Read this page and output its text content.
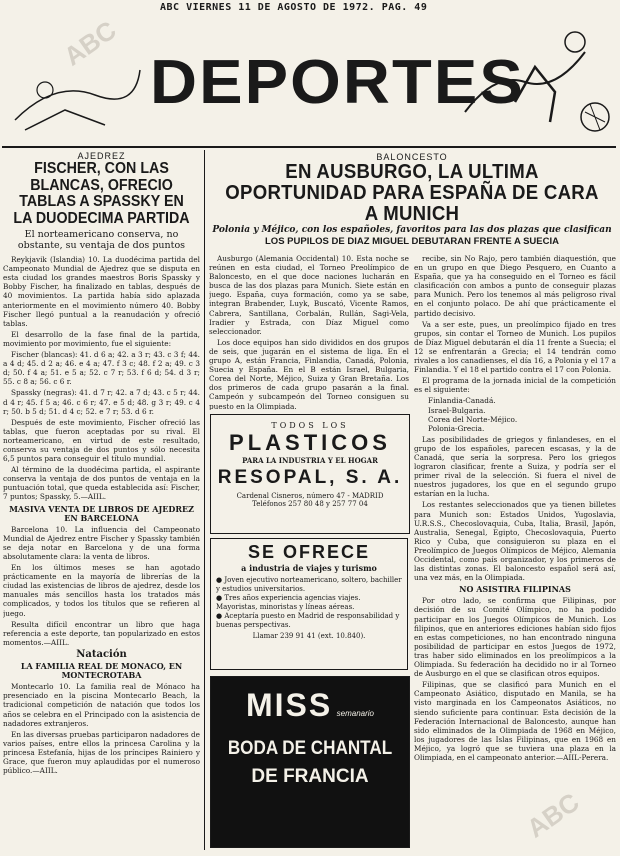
ABC VIERNES 11 DE AGOSTO DE 1972. PAG. 49
DEPORTES
ABC
ABC
AJEDREZ
FISCHER, CON LAS BLANCAS, OFRECIO TABLAS A SPASSKY EN LA DUODECIMA PARTIDA
El norteamericano conserva, no obstante, su ventaja de dos puntos

Reykjavik (Islandia) 10. La duodécima partida del Campeonato Mundial de Ajedrez que se disputa en esta ciudad los grandes maestros Boris Spassky y Bobby Fischer, ha finalizado en tablas, después de 40 movimientos. La partida había sido aplazada anteriormente en el movimiento número 40. Bobby Fischer llegó puntual a la reanudación y ofreció tablas.

El desarrollo de la fase final de la partida, movimiento por movimiento, fue el siguiente:

Fischer (blancas): 41. d 6 a; 42. a 3 r; 43. c 3 f; 44. a 4 d; 45. d 2 a; 46. e 4 a; 47. f 3 c; 48. f 2 a; 49. c 3 d; 50. f 4 a; 51. e 5 a; 52. c 7 r; 53. f 6 d; 54. d 3 r; 55. c 8 a; 56. c 6 r.

Spassky (negras): 41. d 7 r; 42. a 7 d; 43. c 5 r; 44. d 4 r; 45. f 5 a; 46. c 6 r; 47. e 5 d; 48. g 3 r; 49. c 4 r; 50. b 5 d; 51. d 4 c; 52. e 7 r; 53. d 6 r.

Después de este movimiento, Fischer ofreció las tablas, que fueron aceptadas por su rival. El norteamericano, en virtud de este resultado, conserva su ventaja de dos puntos y sólo necesita 6,5 puntos para conseguir el título mundial.

Al término de la duodécima partida, el aspirante conserva la ventaja de dos puntos de ventaja en la puntuación total, que queda establecida así: Fischer, 7 puntos; Spassky, 5.—AIIL.

MASIVA VENTA DE LIBROS DE AJEDREZ EN BARCELONA

Barcelona 10. La influencia del Campeonato Mundial de Ajedrez entre Fischer y Spassky también se deja notar en Barcelona y de una forma absolutamente clara: la venta de libros.

En los últimos meses se han agotado prácticamente en la mayoría de librerías de la ciudad las existencias de libros de ajedrez, desde los manuales más sencillos hasta los tratados más complicados, y todos los títulos que se refieren al juego.

Resulta difícil encontrar un libro que haga referencia a este deporte, tan popularizado en estos momentos.—AIIL.

Natación
LA FAMILIA REAL DE MONACO, EN MONTECROTABA

Montecarlo 10. La familia real de Mónaco ha presenciado en la piscina Montecarlo Beach, la tradicional competición de natación que todos los años se celebra en el Principado con la asistencia de nadadores extranjeros.

En las diversas pruebas participaron nadadores de varios países, entre ellos la princesa Carolina y la princesa Estefanía, hijas de los príncipes Rainiero y Grace, que fueron muy aplaudidas por el numeroso público.—AIIL.

BALONCESTO
EN AUSBURGO, LA ULTIMA OPORTUNIDAD PARA ESPAÑA DE CARA A MUNICH
Polonia y Méjico, con los españoles, favoritos para las dos plazas que clasifican
LOS PUPILOS DE DIAZ MIGUEL DEBUTARAN FRENTE A SUECIA

Ausburgo (Alemania Occidental) 10. Esta noche se reúnen en esta ciudad, el Torneo Preolímpico de Baloncesto, en el que doce naciones lucharán en busca de las dos plazas para Munich. Siete están en juego. España, cuya formación, como ya se sabe, integran Brabender, Luyk, Buscató, Vicente Ramos, Cabrera, Santillana, Corbalán, Rullán, Sagi-Vela, Iradier y Estrada, con Díaz Miguel como seleccionador.

Los doce equipos han sido divididos en dos grupos de seis, que jugarán en el sistema de liga. En el grupo A, están Francia, Finlandia, Canadá, Polonia, Suecia y España. En el B están Israel, Bulgaria, Corea del Norte, Méjico, Suiza y Gran Bretaña. Los dos primeros de cada grupo pasarán a la final. Campeón y subcampeón del Torneo consiguen su puesto en la Olimpiada.

TODOS LOS
PLASTICOS
PARA LA INDUSTRIA Y EL HOGAR
RESOPAL, S. A.
Cardenal Cisneros, número 47 - MADRID
Teléfonos 257 80 48 y 257 77 04
SE OFRECE
a industria de viajes y turismo
● Joven ejecutivo norteamericano, soltero, bachiller y estudios universitarios.
● Tres años experiencia agencias viajes. Mayoristas, minoristas y líneas aéreas.
● Aceptaría puesto en Madrid de responsabilidad y buenas perspectivas.
Llamar 239 91 41 (ext. 10.840).
MISS semanario
BODA DE CHANTAL
DE FRANCIA

recibe, sin No Rajo, pero también diaquestión, que en un grupo en que Diego Pesquero, en Cuanto a España, que ya ha conseguido en el Torneo es fácil clasificación con ambos a punto de conseguir plazas para Munich. Pero los tenemos al más peligroso rival en el conjunto polaco. De ahí que prácticamente el partido decisivo.

Va a ser este, pues, un preolímpico fijado en tres grupos, sin contar el Torneo de Munich. Los pupilos de Díaz Miguel debutarán el día 11 frente a Suecia; el 12 se enfrentarán a Grecia; el 14 tendrán como rivales a los canadienses, el día 16, a Polonia y el 17 a Finlandia. Y el 18 el partido contra el 17 con Polonia.

El programa de la jornada inicial de la competición es el siguiente:

Finlandia-Canadá.
Israel-Bulgaria.
Corea del Norte-Méjico.
Polonia-Grecia.

Las posibilidades de griegos y finlandeses, en el grupo de los españoles, parecen escasas, y la de Canadá, que sería la sorpresa. Pero los griegos lograron clasificar, frente a Suiza, y podría ser el primer rival de la selección. Si fuera el nivel de nuestros jugadores, los que en el segundo grupo estarían en la lucha.

Los restantes seleccionados que ya tienen billetes para Munich son: Estados Unidos, Yugoslavia, U.R.S.S., Checoslovaquia, Cuba, Italia, Brasil, Japón, Australia, Senegal, Egipto, Checoslovaquia, Puerto Rico y Cuba, que consiguieron su plaza en el Preolímpico de Juegos Olímpicos de Méjico, Alemania Occidental, como país organizador, y los primeros de las distintas zonas. El baloncesto español será así, una vez más, en la Olimpiada.

NO ASISTIRA FILIPINAS

Por otro lado, se confirma que Filipinas, por decisión de su Comité Olímpico, no ha podido participar en los Juegos Olímpicos de Munich. Los filipinos, que en anteriores ediciones habían sido fijos en estas competiciones, no han encontrado ninguna posibilidad de participar en estos Juegos de 1972, tras haber sido eliminados en los preolímpicos a la Olimpiada. Su federación ha decidido no ir al Torneo de Ausburgo en el que se clasifican otros equipos.

Filipinas, que se clasificó para Munich en el Campeonato Asiático, disputado en Manila, se ha visto marginada en los Campeonatos Asiáticos, no siendo suficiente para continuar. Esta decisión de la Federación Internacional de Baloncesto, aunque han sido eliminados de la Olimpiada de 1968 en Méjico, los jugadores de las Islas Filipinas, que en 1968 en Méjico, ya logró que se tuviera una plaza en la Olimpiada, en el campeonato anterior.—AIIL-Perera.
